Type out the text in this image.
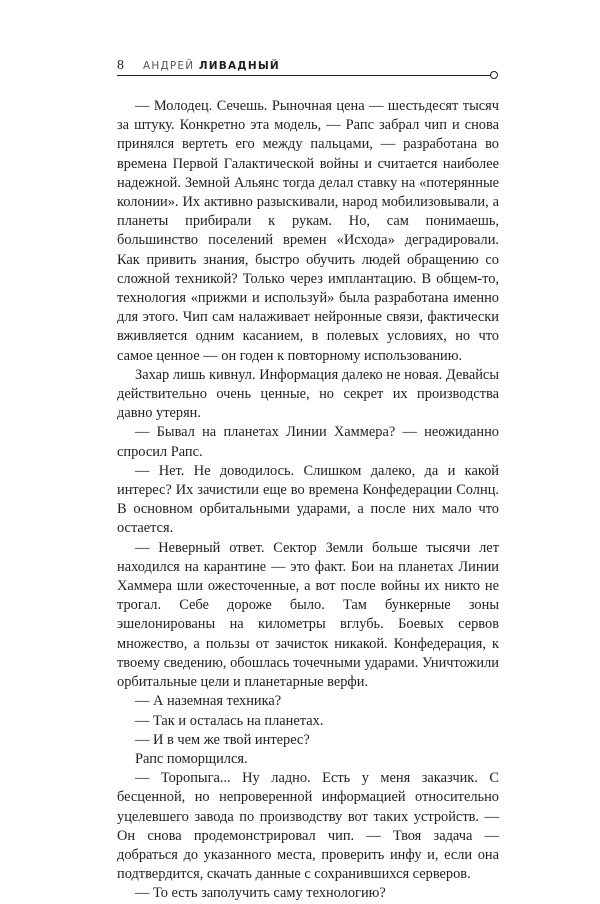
8 АНДРЕЙ ЛИВАДНЫЙ

— Молодец. Сечешь. Рыночная цена — шестьдесят тысяч за штуку. Конкретно эта модель, — Рапс забрал чип и снова принялся вертеть его между пальцами, — разработана во времена Первой Галактической войны и считается наиболее надежной. Земной Альянс тогда делал ставку на «потерянные колонии». Их активно разыскивали, народ мобилизовывали, а планеты прибирали к рукам. Но, сам понимаешь, большинство поселений времен «Исхода» деградировали. Как привить знания, быстро обучить людей обращению со сложной техникой? Только через имплантацию. В общем-то, технология «прижми и используй» была разработана именно для этого. Чип сам налаживает нейронные связи, фактически вживляется одним касанием, в полевых условиях, но что самое ценное — он годен к повторному использованию.

Захар лишь кивнул. Информация далеко не новая. Девайсы действительно очень ценные, но секрет их производства давно утерян.

— Бывал на планетах Линии Хаммера? — неожиданно спросил Рапс.

— Нет. Не доводилось. Слишком далеко, да и какой интерес? Их зачистили еще во времена Конфедерации Солнц. В основном орбитальными ударами, а после них мало что остается.

— Неверный ответ. Сектор Земли больше тысячи лет находился на карантине — это факт. Бои на планетах Линии Хаммера шли ожесточенные, а вот после войны их никто не трогал. Себе дороже было. Там бункерные зоны эшелонированы на километры вглубь. Боевых сервов множество, а пользы от зачисток никакой. Конфедерация, к твоему сведению, обошлась точечными ударами. Уничтожили орбитальные цели и планетарные верфи.

— А наземная техника?

— Так и осталась на планетах.

— И в чем же твой интерес?

Рапс поморщился.

— Торопыга... Ну ладно. Есть у меня заказчик. С бесценной, но непроверенной информацией относительно уцелевшего завода по производству вот таких устройств. — Он снова продемонстрировал чип. — Твоя задача — добраться до указанного места, проверить инфу и, если она подтвердится, скачать данные с сохранившихся серверов.

— То есть заполучить саму технологию?
